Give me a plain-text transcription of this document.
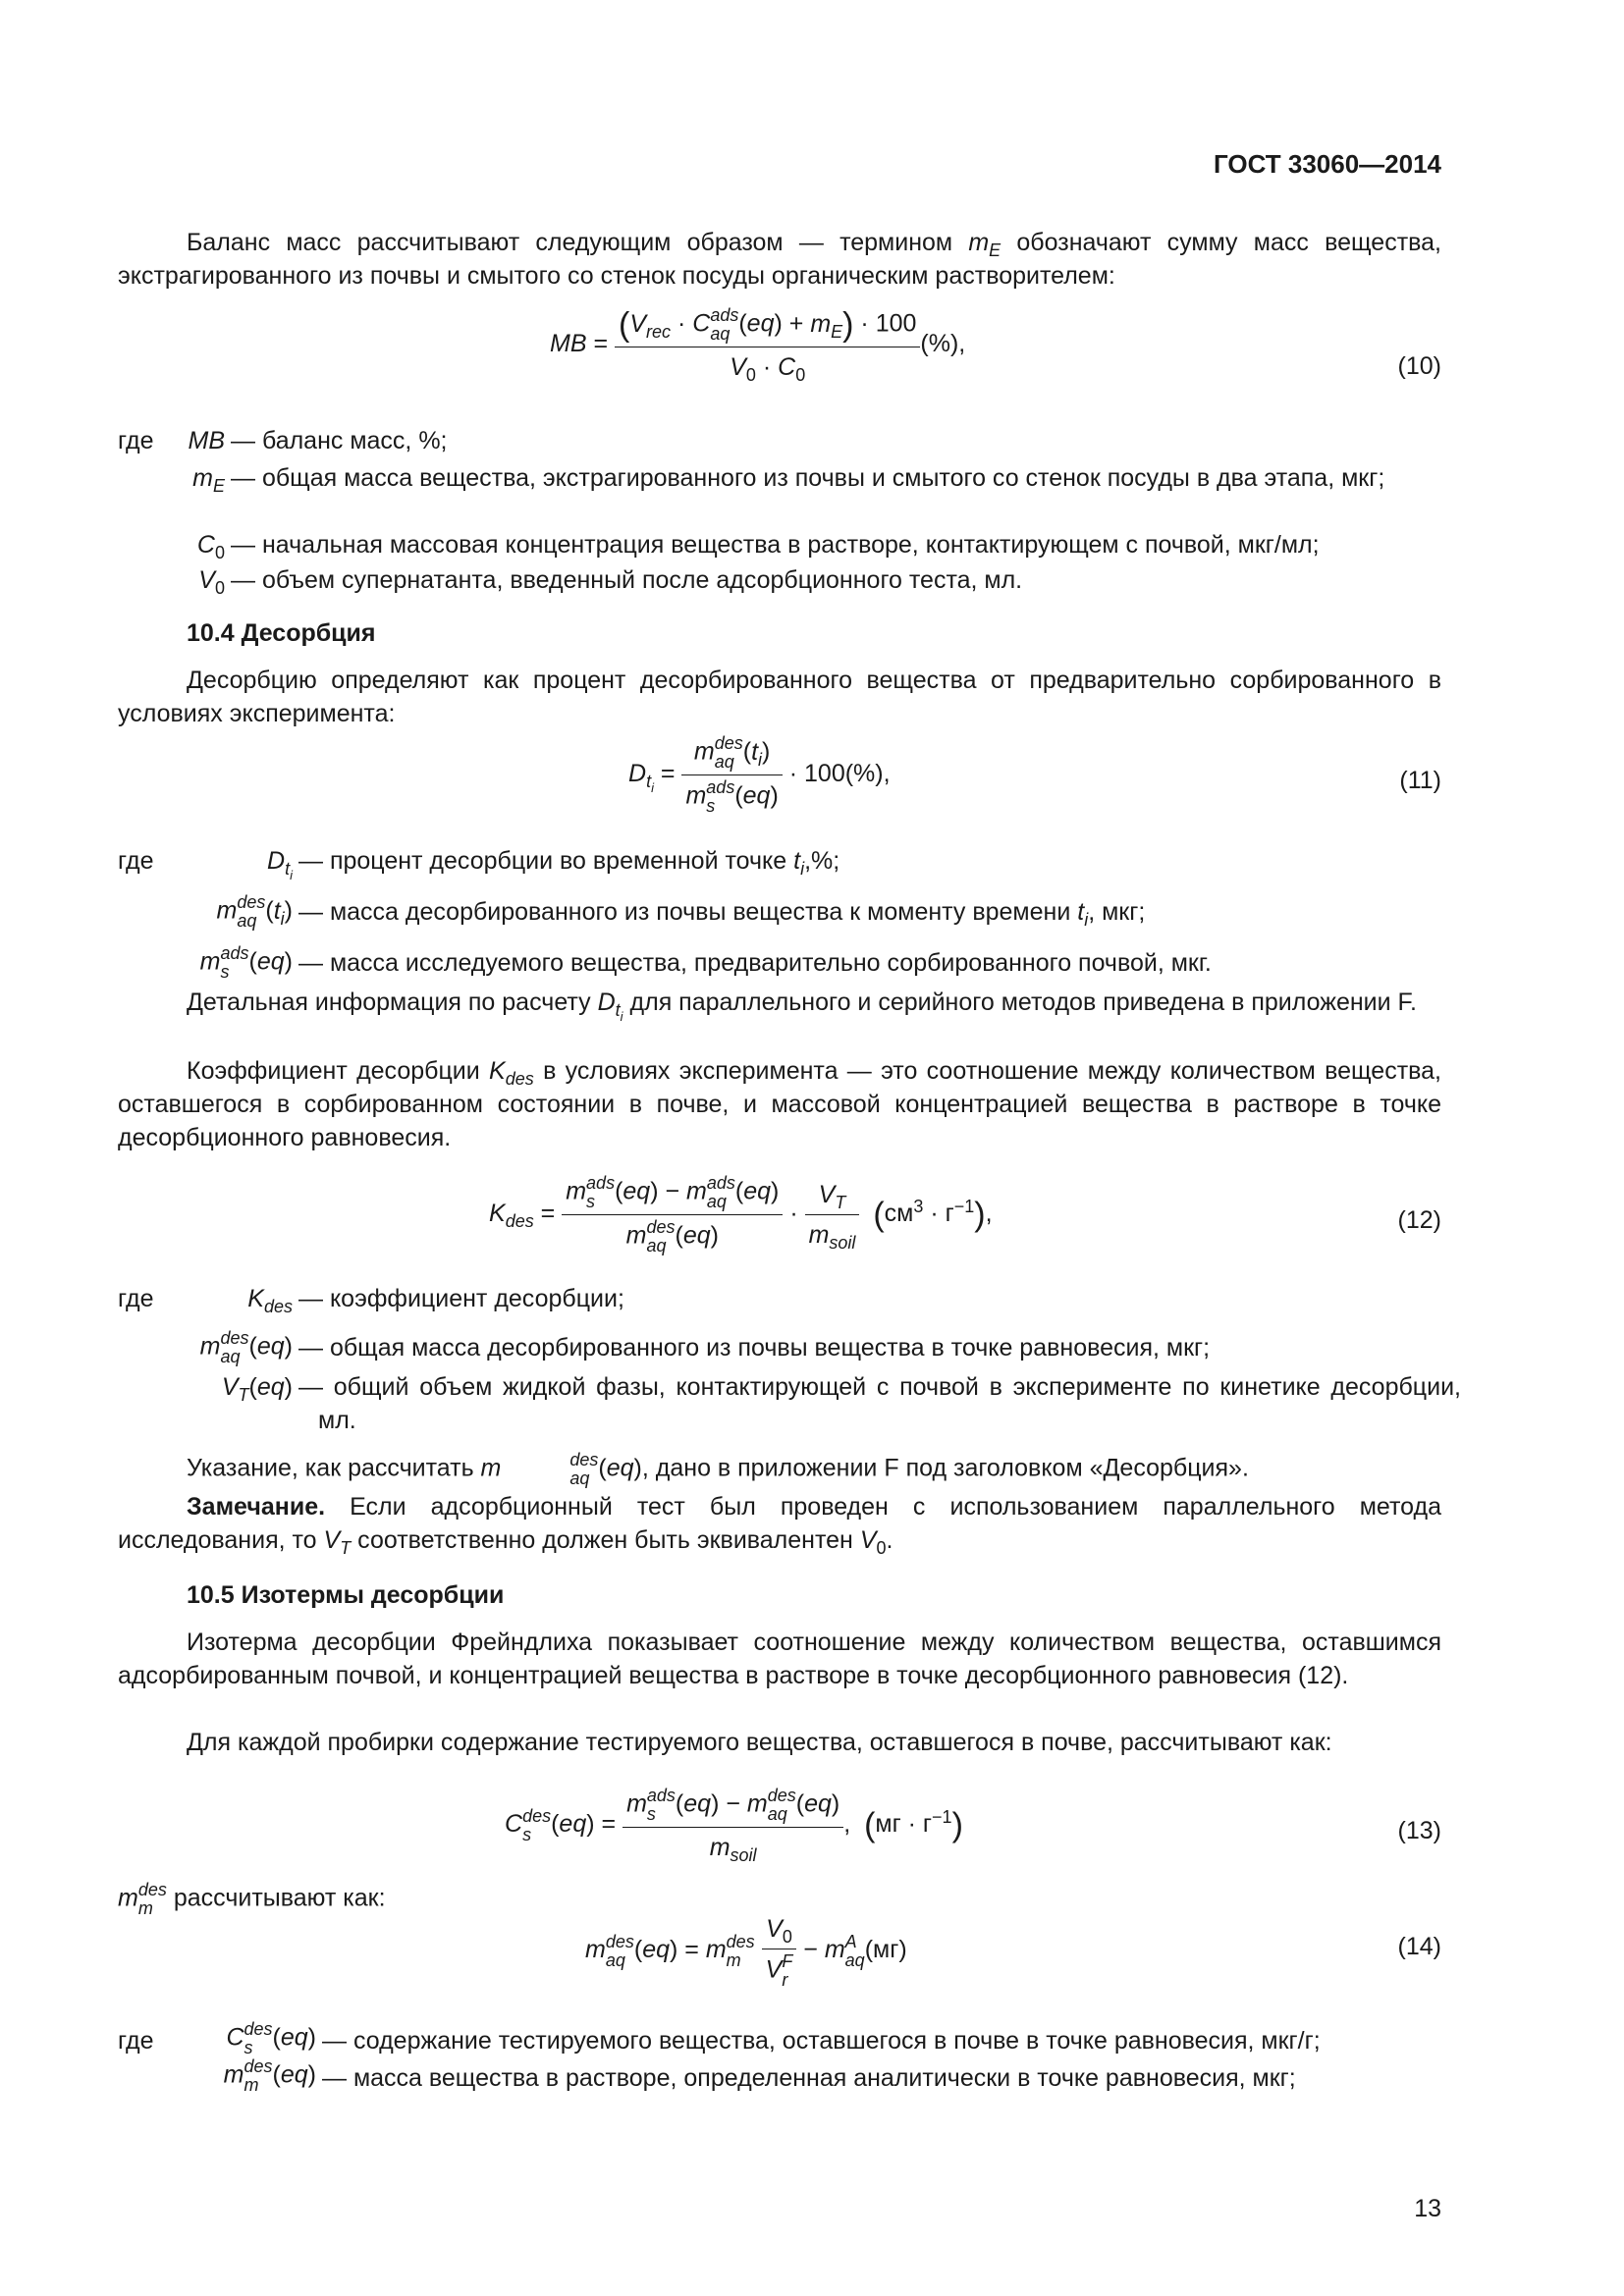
ГОСТ 33060—2014
Баланс масс рассчитывают следующим образом — термином $m_E$ обозначают сумму масс вещества, экстрагированного из почвы и смытого со стенок посуды органическим растворителем:
MB = ($V_{rec} \cdot C$ ads
aq $(eq) + m_E) \cdot 100$
$V_0 \cdot C_0$ (%),
(10)
где MB — баланс масс, %;
$m_E$ — общая масса вещества, экстрагированного из почвы и смытого со стенок посуды в два этапа, мкг;
$C_0$ — начальная массовая концентрация вещества в растворе, контактирующем с почвой, мкг/мл;
$V_0$ — объем супернатанта, введенный после адсорбционного теста, мл.
10.4 Десорбция
Десорбцию определяют как процент десорбированного вещества от предварительно сорбированного в условиях эксперимента:
$D_{t_i} = m$ des
aq $(t_i)$
m ads
s (eq) · 100(%),	(11)
где	$D_{t_i}$
— процент десорбции во временной точке $t_i,\%$;
m des
aq $(t_i)$ — масса десорбированного из почвы вещества к моменту времени $t_i$, мкг;
m ads
s (eq) — масса исследуемого вещества, предварительно сорбированного почвой, мкг.
Детальная информация по расчету $D_{t_i}$ для параллельного и серийного методов приведена в приложении F.
Коэффициент десорбции $K_{des}$ в условиях эксперимента — это соотношение между количеством вещества, оставшегося в сорбированном состоянии в почве, и массовой концентрацией вещества в растворе в точке десорбционного равновесия.
$K_{des} = m$ ads
s (eq) − m ads
aq (eq)
m des
aq $(eq) \cdot \frac{V_T}{m_{soil}} (см^3 \cdot г^{-1})$,	(12)
где	$K_{des}$ — коэффициент десорбции;
m des
aq (eq) — общая масса десорбированного из почвы вещества в точке равновесия, мкг;
$V_T(eq)$ — общий объем жидкой фазы, контактирующей с почвой в эксперименте по кинетике десорбции, мл.
Указание, как рассчитать m	des
aq (eq), дано в приложении F под заголовком «Десорбция».
Замечание. Если адсорбционный тест был проведен с использованием параллельного метода исследования, то $V_T$ соответственно должен быть эквивалентен $V_0$.
10.5 Изотермы десорбции
Изотерма десорбции Фрейндлиха показывает соотношение между количеством вещества, оставшимся адсорбированным почвой, и концентрацией вещества в растворе в точке десорбционного равновесия (12).
Для каждой пробирки содержание тестируемого вещества, оставшегося в почве, рассчитывают как:
C des
s (eq) = m ads
s (eq) − m des
aq (eq)
$m_{soil}$ ,  $(мг \cdot г^{-1})$	(13)
m des
m рассчитывают как:
m des
aq (eq) = m des
m
$V_0$
V F
r − m A
aq (мг)	(14)
где	C des
s (eq) — содержание тестируемого вещества, оставшегося в почве в точке равновесия, мкг/г;
m des
m (eq) — масса вещества в растворе, определенная аналитически в точке равновесия, мкг;
13
